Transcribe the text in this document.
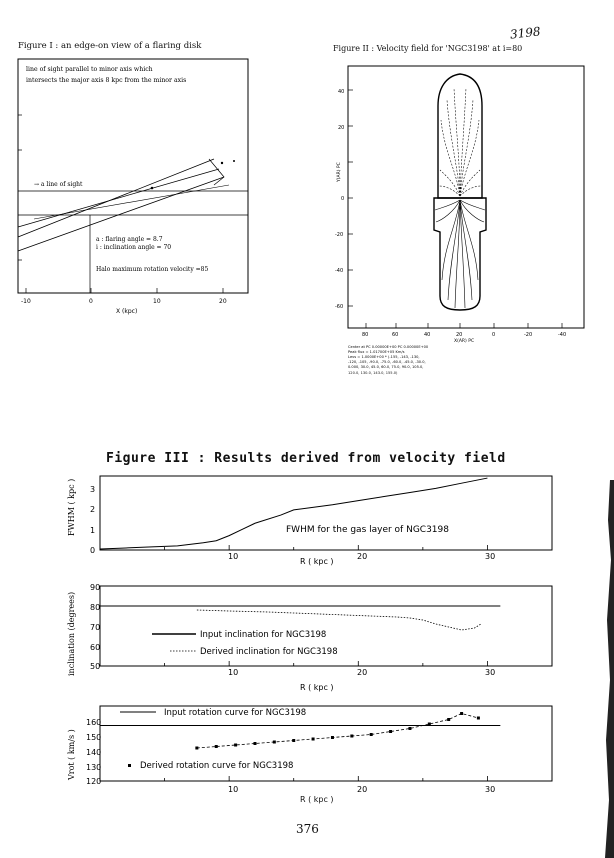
Figure I : an edge-on view of a flaring disk
line of sight parallel to minor axis which
intersects the major axis 8 kpc from the minor axis
→ a line of sight
a : flaring angle = 8.7
i : inclination angle = 70
Halo maximum rotation velocity =85
-10	0	10	20
X (kpc)
Figure II : Velocity field for 'NGC3198' at i=80
3198
40
20
0
-20
-40
-60
Y(AR) PC
80	60	40	20	0	-20	-40
X(AR) PC
Center at PC 0.00000E+00 PC 0.00000E+00
Peak flux = 1.01700E+05 Km/s
Levs = 1.0000E+00 * (-155, -143, -130,
-120, -105, -90.0, -75.0, -60.0, -45.0, -30.0,
0.000, 30.0, 45.0, 60.0, 75.0, 90.0, 105.0,
120.0, 130.0, 143.0, 155.0)
Figure III : Results derived from velocity field
FWHM ( kpc )	FWHM for the gas layer of NGC3198
R ( kpc )
0
1
2
3
10	20	30
inclination (degrees) 50
60
70
80
90
Input inclination for NGC3198
Derived inclination for NGC3198
10	20	30
R ( kpc )
Vrot ( km/s )
120
130
140
150
160
Input rotation curve for NGC3198
Derived rotation curve for NGC3198
10	20	30
R ( kpc )
376
